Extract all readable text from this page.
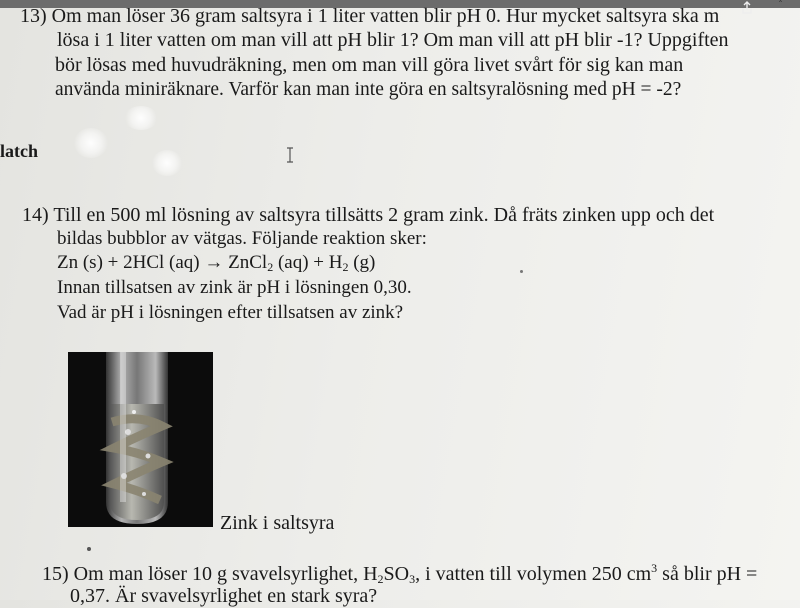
ˆ
13) Om man löser 36 gram saltsyra i 1 liter vatten blir pH 0. Hur mycket saltsyra ska m
lösa i 1 liter vatten om man vill att pH blir 1? Om man vill att pH blir -1? Uppgiften
bör lösas med huvudräkning, men om man vill göra livet svårt för sig kan man
använda miniräknare. Varför kan man inte göra en saltsyralösning med pH = -2?
latch
14) Till en 500 ml lösning av saltsyra tillsätts 2 gram zink. Då fräts zinken upp och det
bildas bubblor av vätgas. Följande reaktion sker:
Zn (s) + 2HCl (aq) → ZnCl$_2$ $(aq) + H_2$ (g)
Innan tillsatsen av zink är pH i lösningen 0,30.
Vad är pH i lösningen efter tillsatsen av zink?
Zink i saltsyra
15) Om man löser 10 g svavelsyrlighet, $H_2SO_3$, i vatten till volymen 250 $cm^3$ så blir pH =
0,37. Är svavelsyrlighet en stark syra?
